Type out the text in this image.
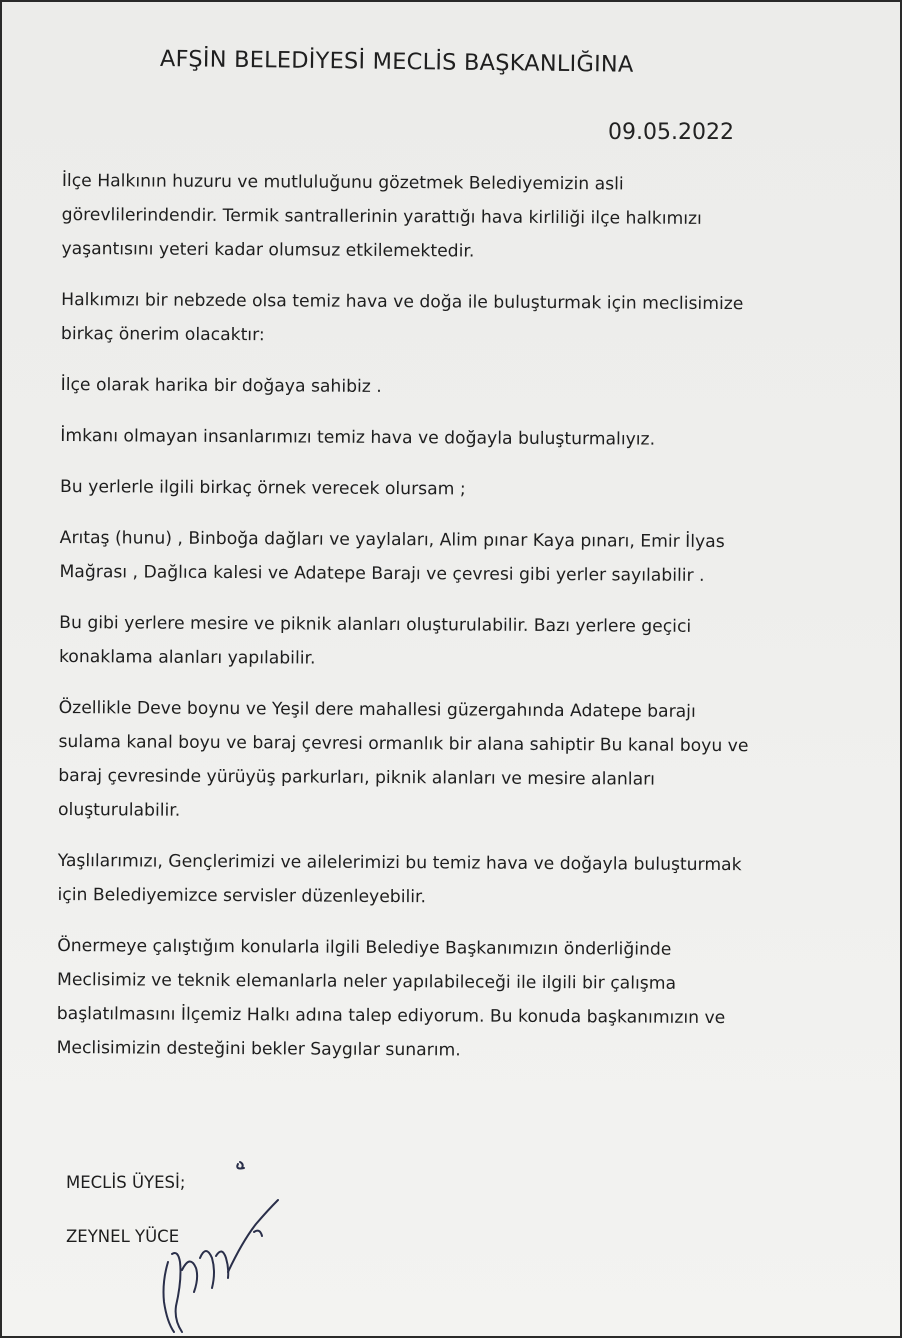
AFŞİN BELEDİYESİ MECLİS BAŞKANLIĞINA
09.05.2022
İlçe Halkının huzuru ve mutluluğunu gözetmek Belediyemizin asli
görevlilerindendir. Termik santrallerinin yarattığı hava kirliliği ilçe halkımızı
yaşantısını yeteri kadar olumsuz etkilemektedir.
Halkımızı bir nebzede olsa temiz hava ve doğa ile buluşturmak için meclisimize
birkaç önerim olacaktır:
İlçe olarak harika bir doğaya sahibiz .
İmkanı olmayan insanlarımızı temiz hava ve doğayla buluşturmalıyız.
Bu yerlerle ilgili birkaç örnek verecek olursam ;
Arıtaş (hunu) , Binboğa dağları ve yaylaları, Alim pınar Kaya pınarı, Emir İlyas
Mağrası , Dağlıca kalesi ve Adatepe Barajı ve çevresi gibi yerler sayılabilir .
Bu gibi yerlere mesire ve piknik alanları oluşturulabilir. Bazı yerlere geçici
konaklama alanları yapılabilir.
Özellikle Deve boynu ve Yeşil dere mahallesi güzergahında Adatepe barajı
sulama kanal boyu ve baraj çevresi ormanlık bir alana sahiptir Bu kanal boyu ve
baraj çevresinde yürüyüş parkurları, piknik alanları ve mesire alanları
oluşturulabilir.
Yaşlılarımızı, Gençlerimizi ve ailelerimizi bu temiz hava ve doğayla buluşturmak
için Belediyemizce servisler düzenleyebilir.
Önermeye çalıştığım konularla ilgili Belediye Başkanımızın önderliğinde
Meclisimiz ve teknik elemanlarla neler yapılabileceği ile ilgili bir çalışma
başlatılmasını İlçemiz Halkı adına talep ediyorum. Bu konuda başkanımızın ve
Meclisimizin desteğini bekler Saygılar sunarım.
MECLİS ÜYESİ;
ZEYNEL YÜCE
